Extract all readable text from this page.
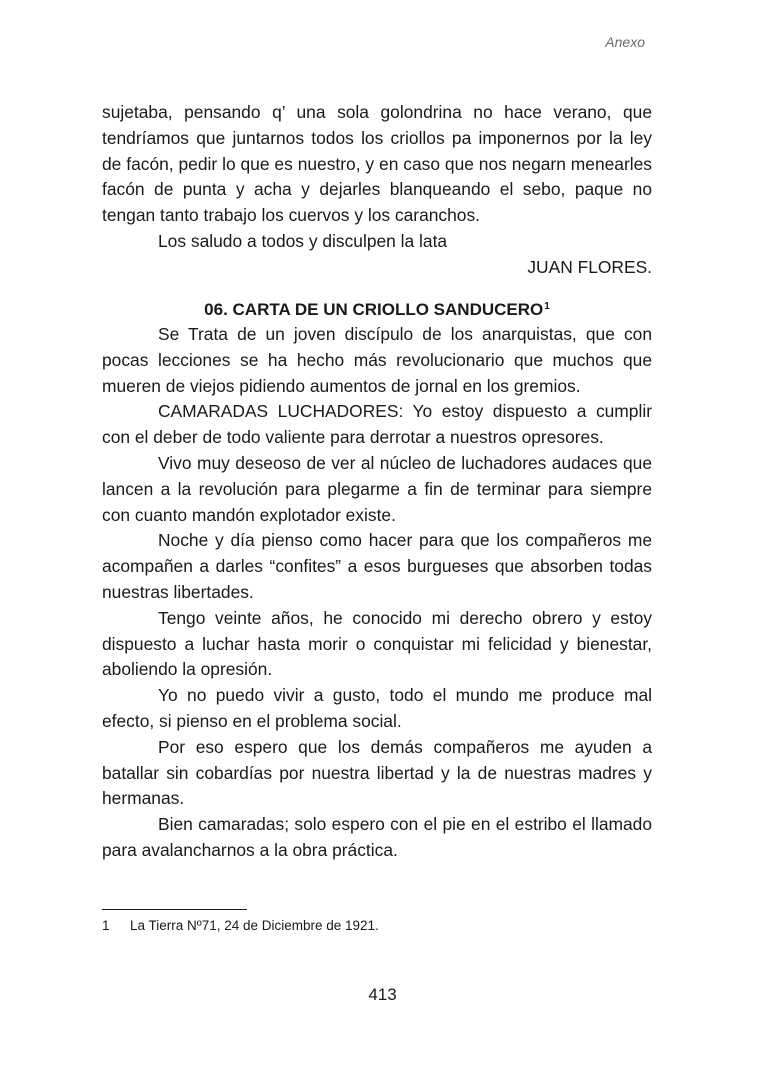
Anexo

sujetaba, pensando q’ una sola golondrina no hace verano, que tendríamos que juntarnos todos los criollos pa imponernos por la ley de facón, pedir lo que es nuestro, y en caso que nos negarn menearles facón de punta y acha y dejarles blanqueando el sebo, paque no tengan tanto trabajo los cuervos y los caranchos.

Los saludo a todos y disculpen la lata

JUAN FLORES.

06. CARTA DE UN CRIOLLO SANDUCERO$^1$

Se Trata de un joven discípulo de los anarquistas, que con pocas lecciones se ha hecho más revolucionario que muchos que mueren de viejos pidiendo aumentos de jornal en los gremios.

CAMARADAS LUCHADORES: Yo estoy dispuesto a cumplir con el deber de todo valiente para derrotar a nuestros opresores.

Vivo muy deseoso de ver al núcleo de luchadores audaces que lancen a la revolución para plegarme a fin de terminar para siempre con cuanto mandón explotador existe.

Noche y día pienso como hacer para que los compañeros me acompañen a darles “confites” a esos burgueses que absorben todas nuestras libertades.

Tengo veinte años, he conocido mi derecho obrero y estoy dispuesto a luchar hasta morir o conquistar mi felicidad y bienestar, aboliendo la opresión.

Yo no puedo vivir a gusto, todo el mundo me produce mal efecto, si pienso en el problema social.

Por eso espero que los demás compañeros me ayuden a batallar sin cobardías por nuestra libertad y la de nuestras madres y hermanas.

Bien camaradas; solo espero con el pie en el estribo el llamado para avalancharnos a la obra práctica.

1	La Tierra Nº71, 24 de Diciembre de 1921.
413
